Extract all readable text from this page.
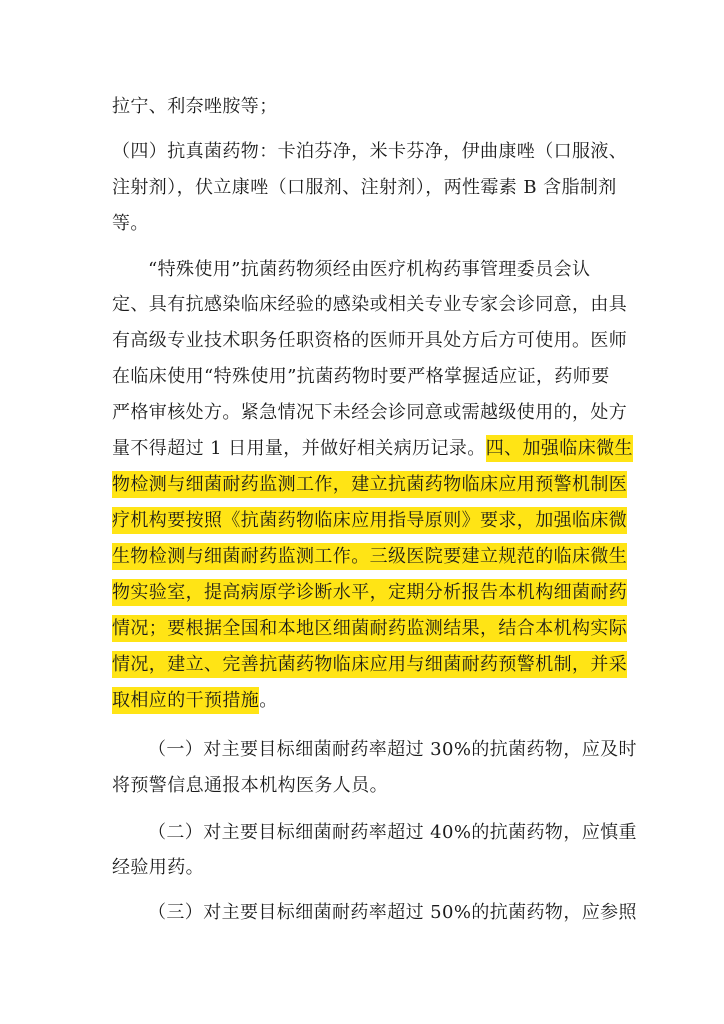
拉宁、利奈唑胺等；
（四）抗真菌药物：卡泊芬净，米卡芬净，伊曲康唑（口服液、
注射剂），伏立康唑（口服剂、注射剂），两性霉素 B 含脂制剂
等。
“特殊使用”抗菌药物须经由医疗机构药事管理委员会认
定、具有抗感染临床经验的感染或相关专业专家会诊同意，由具
有高级专业技术职务任职资格的医师开具处方后方可使用。医师
在临床使用“特殊使用”抗菌药物时要严格掌握适应证，药师要
严格审核处方。紧急情况下未经会诊同意或需越级使用的，处方
量不得超过 1 日用量，并做好相关病历记录。四、加强临床微生
物检测与细菌耐药监测工作，建立抗菌药物临床应用预警机制医
疗机构要按照《抗菌药物临床应用指导原则》要求，加强临床微
生物检测与细菌耐药监测工作。三级医院要建立规范的临床微生
物实验室，提高病原学诊断水平，定期分析报告本机构细菌耐药
情况；要根据全国和本地区细菌耐药监测结果，结合本机构实际
情况，建立、完善抗菌药物临床应用与细菌耐药预警机制，并采
取相应的干预措施。
（一）对主要目标细菌耐药率超过 30%的抗菌药物，应及时
将预警信息通报本机构医务人员。
（二）对主要目标细菌耐药率超过 40%的抗菌药物，应慎重
经验用药。
（三）对主要目标细菌耐药率超过 50%的抗菌药物，应参照
